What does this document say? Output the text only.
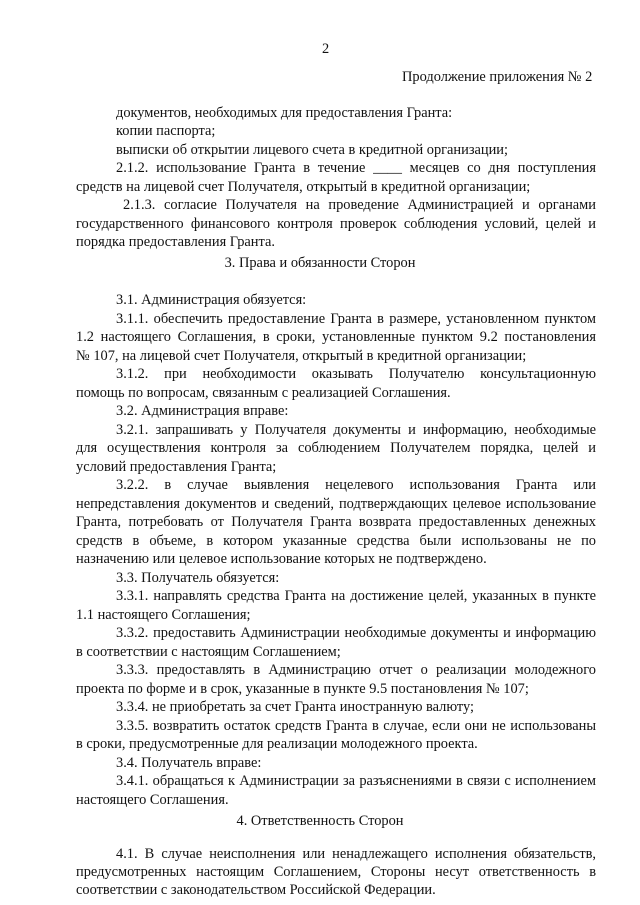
2
Продолжение приложения № 2
документов, необходимых для предоставления Гранта:
копии паспорта;
выписки об открытии лицевого счета в кредитной организации;
2.1.2. использование Гранта в течение ____ месяцев со дня поступления
средств на лицевой счет Получателя, открытый в кредитной организации;
2.1.3. согласие Получателя на проведение Администрацией и органами
государственного финансового контроля проверок соблюдения условий, целей и
порядка предоставления Гранта.
3. Права и обязанности Сторон
3.1. Администрация обязуется:
3.1.1. обеспечить предоставление Гранта в размере, установленном пунктом
1.2 настоящего Соглашения, в сроки, установленные пунктом 9.2 постановления
№ 107, на лицевой счет Получателя, открытый в кредитной организации;
3.1.2. при необходимости оказывать Получателю консультационную
помощь по вопросам, связанным с реализацией Соглашения.
3.2. Администрация вправе:
3.2.1. запрашивать у Получателя документы и информацию, необходимые
для осуществления контроля за соблюдением Получателем порядка, целей и
условий предоставления Гранта;
3.2.2. в случае выявления нецелевого использования Гранта или
непредставления документов и сведений, подтверждающих целевое использование
Гранта, потребовать от Получателя Гранта возврата предоставленных денежных
средств в объеме, в котором указанные средства были использованы не по
назначению или целевое использование которых не подтверждено.
3.3. Получатель обязуется:
3.3.1. направлять средства Гранта на достижение целей, указанных в пункте
1.1 настоящего Соглашения;
3.3.2. предоставить Администрации необходимые документы и информацию
в соответствии с настоящим Соглашением;
3.3.3. предоставлять в Администрацию отчет о реализации молодежного
проекта по форме и в срок, указанные в пункте 9.5 постановления № 107;
3.3.4. не приобретать за счет Гранта иностранную валюту;
3.3.5. возвратить остаток средств Гранта в случае, если они не использованы
в сроки, предусмотренные для реализации молодежного проекта.
3.4. Получатель вправе:
3.4.1. обращаться к Администрации за разъяснениями в связи с исполнением
настоящего Соглашения.
4. Ответственность Сторон
4.1. В случае неисполнения или ненадлежащего исполнения обязательств,
предусмотренных настоящим Соглашением, Стороны несут ответственность в
соответствии с законодательством Российской Федерации.
